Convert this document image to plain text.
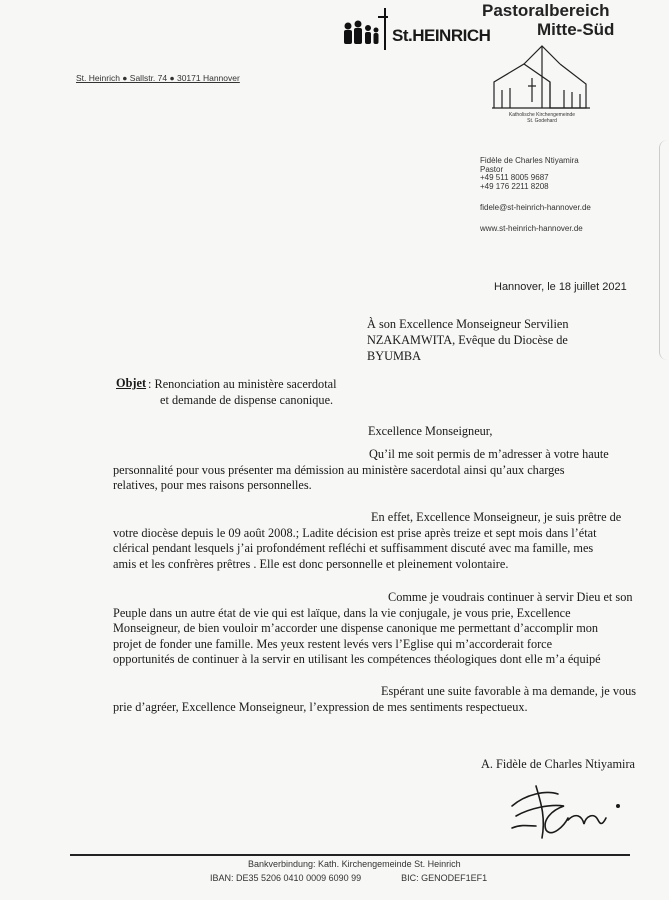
St.HEINRICH
Pastoralbereich
Mitte-Süd
St. Heinrich ● Sallstr. 74 ● 30171 Hannover
Katholische Kirchengemeinde
St. Godehard
Fidèle de Charles Ntiyamira
Pastor
+49 511 8005 9687
+49 176 2211 8208
fidele@st-heinrich-hannover.de
www.st-heinrich-hannover.de
Hannover, le 18 juillet 2021
À son Excellence Monseigneur Servilien
NZAKAMWITA, Evêque du Diocèse de
BYUMBA
Objet : Renonciation au ministère sacerdotal
et demande de dispense canonique.
Excellence Monseigneur,
Qu’il me soit permis de m’adresser à votre haute
personnalité pour vous présenter ma démission au ministère sacerdotal ainsi qu’aux charges
relatives, pour mes raisons personnelles.
En effet, Excellence Monseigneur, je suis prêtre de
votre diocèse depuis le 09 août 2008.; Ladite décision est prise après treize et sept mois dans l’état
clérical pendant lesquels j’ai profondément refléchi et suffisamment discuté avec ma famille, mes
amis et les confrères prêtres . Elle est donc personnelle et pleinement volontaire.
Comme je voudrais continuer à servir Dieu et son
Peuple dans un autre état de vie qui est laïque, dans la vie conjugale, je vous prie, Excellence
Monseigneur, de bien vouloir m’accorder une dispense canonique me permettant d’accomplir mon
projet de fonder une famille. Mes yeux restent levés vers l’Eglise qui m’accorderait force
opportunités de continuer à la servir en utilisant les compétences théologiques dont elle m’a équipé
Espérant une suite favorable à ma demande, je vous
prie d’agréer, Excellence Monseigneur, l’expression de mes sentiments respectueux.
A. Fidèle de Charles Ntiyamira
Bankverbindung: Kath. Kirchengemeinde St. Heinrich
IBAN: DE35 5206 0410 0009 6090 99	BIC: GENODEF1EF1
